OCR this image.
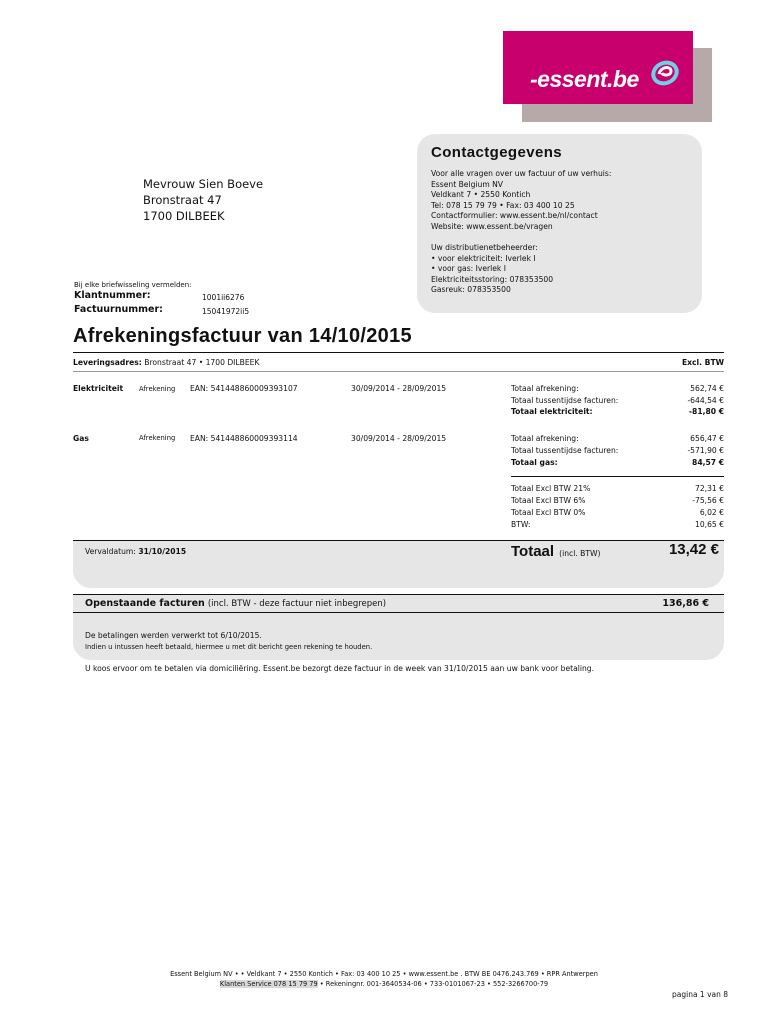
-essent.be
Contactgegevens
Voor alle vragen over uw factuur of uw verhuis:
Essent Belgium NV
Veldkant 7 • 2550 Kontich
Tel: 078 15 79 79 • Fax: 03 400 10 25
Contactformulier: www.essent.be/nl/contact
Website: www.essent.be/vragen
Uw distributienetbeheerder:
• voor elektriciteit: Iverlek I
• voor gas: Iverlek I
Elektriciteitsstoring: 078353500
Gasreuk: 078353500
Mevrouw Sien Boeve
Bronstraat 47
1700 DILBEEK
Bij elke briefwisseling vermelden:
Klantnummer:	1001ii6276
Factuurnummer:	15041972ii5
Afrekeningsfactuur van 14/10/2015
Leveringsadres: Bronstraat 47 • 1700 DILBEEK	Excl. BTW
Elektriciteit Afrekening EAN: 541448860009393107	30/09/2014 - 28/09/2015	Totaal afrekening:	562,74 €
Totaal tussentijdse facturen:	-644,54 €
Totaal elektriciteit:	-81,80 €
Gas	Afrekening EAN: 541448860009393114	30/09/2014 - 28/09/2015	Totaal afrekening:	656,47 €
Totaal tussentijdse facturen:	-571,90 €
Totaal gas:	84,57 €
Totaal Excl BTW 21%	72,31 €
Totaal Excl BTW 6%	-75,56 €
Totaal Excl BTW 0%	6,02 €
BTW:	10,65 €
Vervaldatum: 31/10/2015	Totaal (incl. BTW)	13,42 €
Openstaande facturen (incl. BTW - deze factuur niet inbegrepen)	136,86 €
De betalingen werden verwerkt tot 6/10/2015.
Indien u intussen heeft betaald, hiermee u met dit bericht geen rekening te houden.
U koos ervoor om te betalen via domiciliëring. Essent.be bezorgt deze factuur in de week van 31/10/2015 aan uw bank voor betaling.
Essent Belgium NV • • Veldkant 7 • 2550 Kontich • Fax: 03 400 10 25 • www.essent.be . BTW BE 0476.243.769 • RPR Antwerpen
Klanten Service 078 15 79 79 • Rekeningnr. 001-3640534-06 • 733-0101067-23 • 552-3266700-79
pagina 1 van 8
